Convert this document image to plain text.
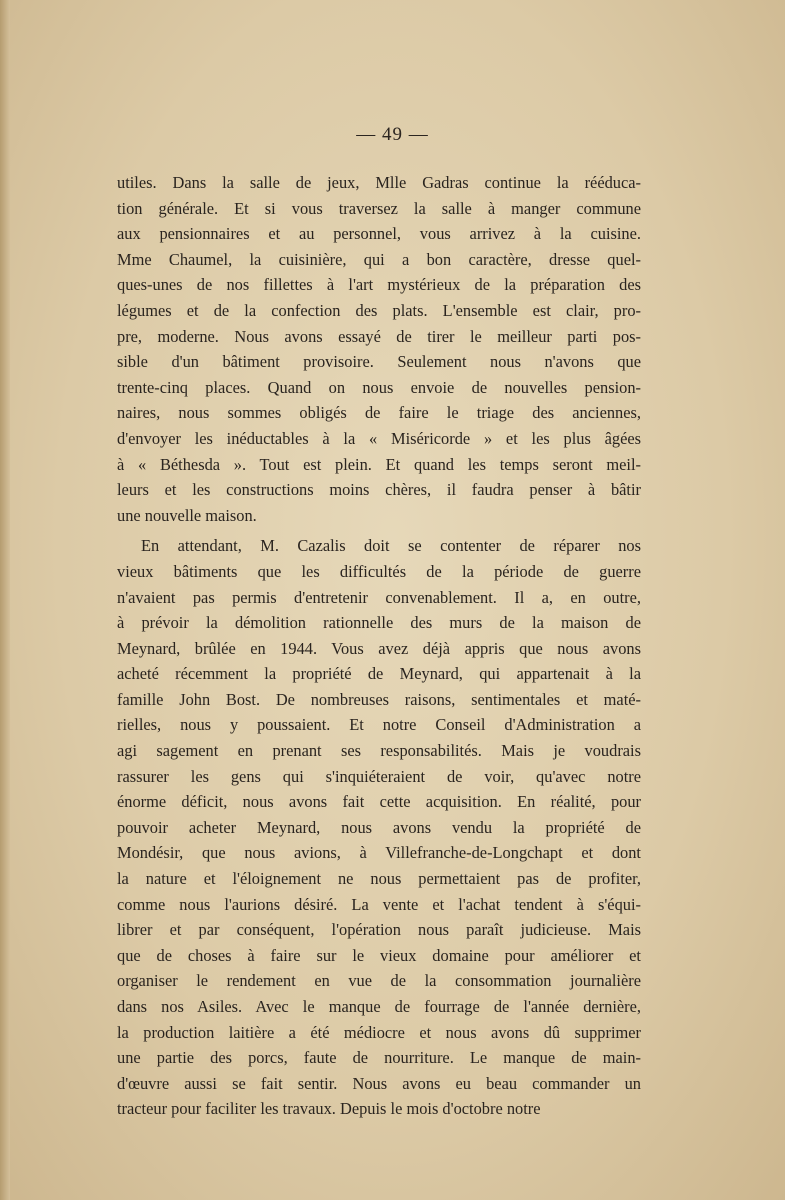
— 49 —
utiles. Dans la salle de jeux, Mlle Gadras continue la rééduca-
tion générale. Et si vous traversez la salle à manger commune
aux pensionnaires et au personnel, vous arrivez à la cuisine.
Mme Chaumel, la cuisinière, qui a bon caractère, dresse quel-
ques-unes de nos fillettes à l'art mystérieux de la préparation des
légumes et de la confection des plats. L'ensemble est clair, pro-
pre, moderne. Nous avons essayé de tirer le meilleur parti pos-
sible d'un bâtiment provisoire. Seulement nous n'avons que
trente-cinq places. Quand on nous envoie de nouvelles pension-
naires, nous sommes obligés de faire le triage des anciennes,
d'envoyer les inéductables à la « Miséricorde » et les plus âgées
à « Béthesda ». Tout est plein. Et quand les temps seront meil-
leurs et les constructions moins chères, il faudra penser à bâtir
une nouvelle maison.
En attendant, M. Cazalis doit se contenter de réparer nos
vieux bâtiments que les difficultés de la période de guerre
n'avaient pas permis d'entretenir convenablement. Il a, en outre,
à prévoir la démolition rationnelle des murs de la maison de
Meynard, brûlée en 1944. Vous avez déjà appris que nous avons
acheté récemment la propriété de Meynard, qui appartenait à la
famille John Bost. De nombreuses raisons, sentimentales et maté-
rielles, nous y poussaient. Et notre Conseil d'Administration a
agi sagement en prenant ses responsabilités. Mais je voudrais
rassurer les gens qui s'inquiéteraient de voir, qu'avec notre
énorme déficit, nous avons fait cette acquisition. En réalité, pour
pouvoir acheter Meynard, nous avons vendu la propriété de
Mondésir, que nous avions, à Villefranche-de-Longchapt et dont
la nature et l'éloignement ne nous permettaient pas de profiter,
comme nous l'aurions désiré. La vente et l'achat tendent à s'équi-
librer et par conséquent, l'opération nous paraît judicieuse. Mais
que de choses à faire sur le vieux domaine pour améliorer et
organiser le rendement en vue de la consommation journalière
dans nos Asiles. Avec le manque de fourrage de l'année dernière,
la production laitière a été médiocre et nous avons dû supprimer
une partie des porcs, faute de nourriture. Le manque de main-
d'œuvre aussi se fait sentir. Nous avons eu beau commander un
tracteur pour faciliter les travaux. Depuis le mois d'octobre notre
